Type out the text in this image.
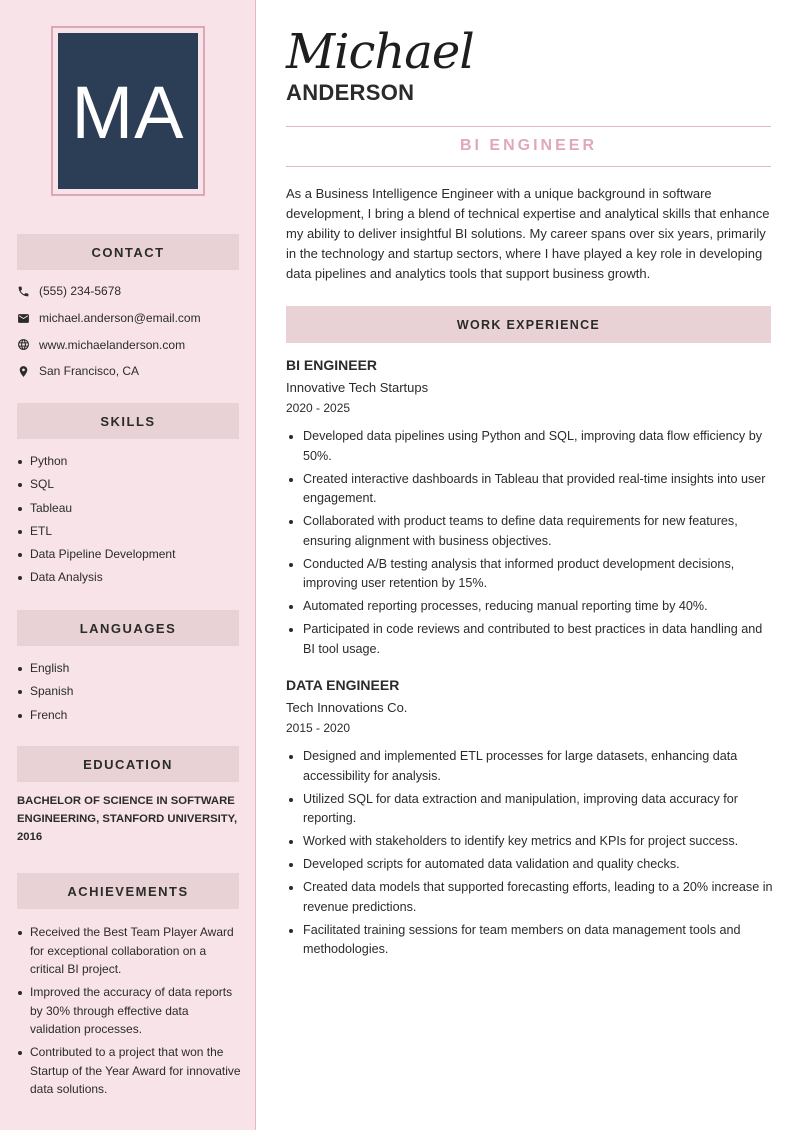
MA
CONTACT
(555) 234-5678
michael.anderson@email.com
www.michaelanderson.com
San Francisco, CA
SKILLS
Python
SQL
Tableau
ETL
Data Pipeline Development
Data Analysis
LANGUAGES
English
Spanish
French
EDUCATION
BACHELOR OF SCIENCE IN SOFTWARE ENGINEERING, STANFORD UNIVERSITY, 2016
ACHIEVEMENTS
Received the Best Team Player Award for exceptional collaboration on a critical BI project.
Improved the accuracy of data reports by 30% through effective data validation processes.
Contributed to a project that won the Startup of the Year Award for innovative data solutions.
Michael
ANDERSON
BI ENGINEER

As a Business Intelligence Engineer with a unique background in software development, I bring a blend of technical expertise and analytical skills that enhance my ability to deliver insightful BI solutions. My career spans over six years, primarily in the technology and startup sectors, where I have played a key role in developing data pipelines and analytics tools that support business growth.

WORK EXPERIENCE
BI ENGINEER
Innovative Tech Startups
2020 - 2025
Developed data pipelines using Python and SQL, improving data flow efficiency by 50%.
Created interactive dashboards in Tableau that provided real-time insights into user engagement.
Collaborated with product teams to define data requirements for new features, ensuring alignment with business objectives.
Conducted A/B testing analysis that informed product development decisions, improving user retention by 15%.
Automated reporting processes, reducing manual reporting time by 40%.
Participated in code reviews and contributed to best practices in data handling and BI tool usage.
DATA ENGINEER
Tech Innovations Co.
2015 - 2020
Designed and implemented ETL processes for large datasets, enhancing data accessibility for analysis.
Utilized SQL for data extraction and manipulation, improving data accuracy for reporting.
Worked with stakeholders to identify key metrics and KPIs for project success.
Developed scripts for automated data validation and quality checks.
Created data models that supported forecasting efforts, leading to a 20% increase in revenue predictions.
Facilitated training sessions for team members on data management tools and methodologies.
